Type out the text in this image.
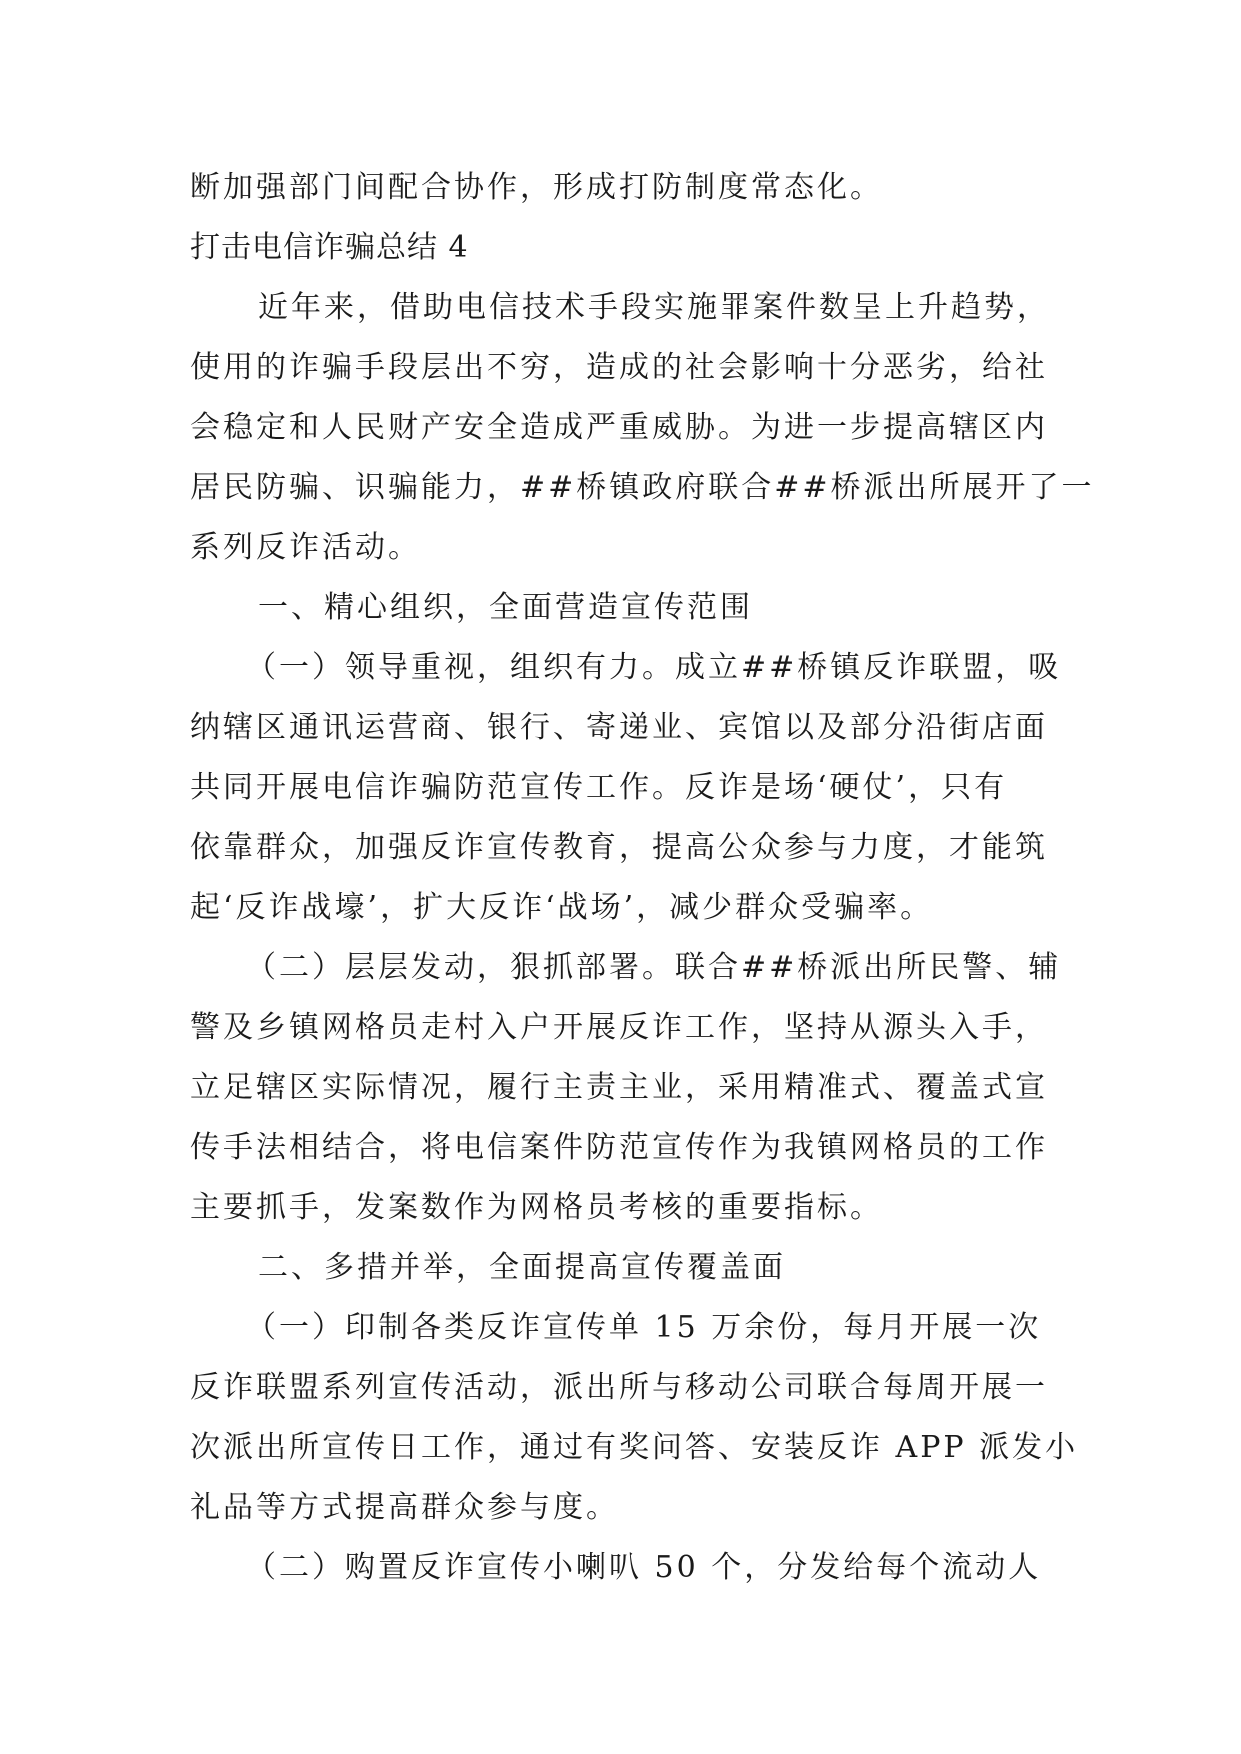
断加强部门间配合协作，形成打防制度常态化。

打击电信诈骗总结 4

近年来，借助电信技术手段实施罪案件数呈上升趋势，

使用的诈骗手段层出不穷，造成的社会影响十分恶劣，给社

会稳定和人民财产安全造成严重威胁。为进一步提高辖区内

居民防骗、识骗能力，##桥镇政府联合##桥派出所展开了一

系列反诈活动。

一、精心组织，全面营造宣传范围

（一）领导重视，组织有力。成立##桥镇反诈联盟，吸

纳辖区通讯运营商、银行、寄递业、宾馆以及部分沿街店面

共同开展电信诈骗防范宣传工作。反诈是场‘硬仗’，只有

依靠群众，加强反诈宣传教育，提高公众参与力度，才能筑

起‘反诈战壕’，扩大反诈‘战场’，减少群众受骗率。

（二）层层发动，狠抓部署。联合##桥派出所民警、辅

警及乡镇网格员走村入户开展反诈工作，坚持从源头入手，

立足辖区实际情况，履行主责主业，采用精准式、覆盖式宣

传手法相结合，将电信案件防范宣传作为我镇网格员的工作

主要抓手，发案数作为网格员考核的重要指标。

二、多措并举，全面提高宣传覆盖面

（一）印制各类反诈宣传单 15 万余份，每月开展一次

反诈联盟系列宣传活动，派出所与移动公司联合每周开展一

次派出所宣传日工作，通过有奖问答、安装反诈 APP 派发小

礼品等方式提高群众参与度。

（二）购置反诈宣传小喇叭 50 个，分发给每个流动人
